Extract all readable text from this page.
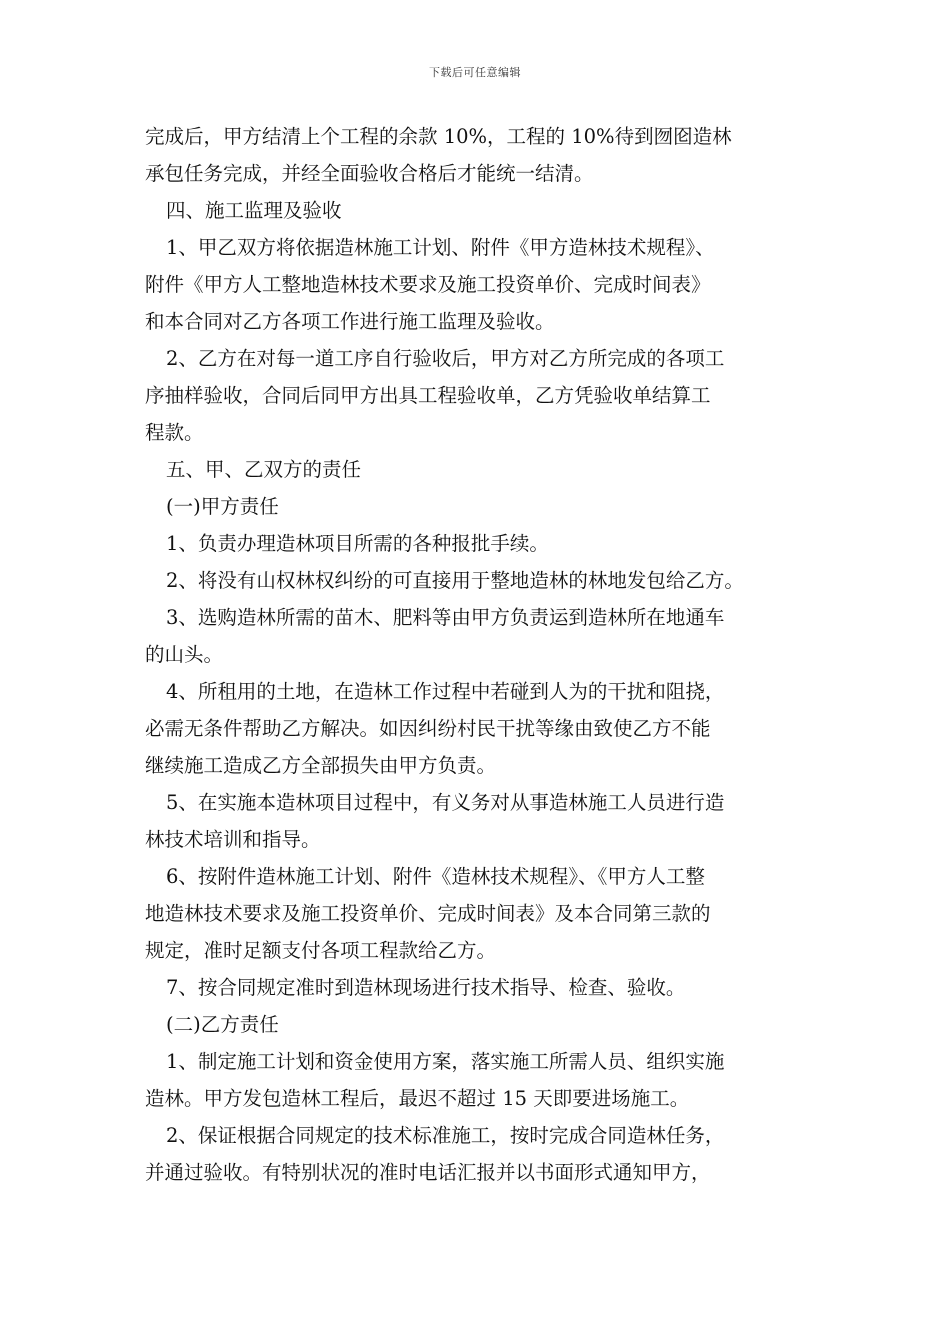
下载后可任意编辑
完成后，甲方结清上个工程的余款 10%，工程的 10%待到囫囵造林
承包任务完成，并经全面验收合格后才能统一结清。
四、施工监理及验收
1、甲乙双方将依据造林施工计划、附件《甲方造林技术规程》、
附件《甲方人工整地造林技术要求及施工投资单价、完成时间表》
和本合同对乙方各项工作进行施工监理及验收。
2、乙方在对每一道工序自行验收后，甲方对乙方所完成的各项工
序抽样验收，合同后同甲方出具工程验收单，乙方凭验收单结算工
程款。
五、甲、乙双方的责任
(一)甲方责任
1、负责办理造林项目所需的各种报批手续。
2、将没有山权林权纠纷的可直接用于整地造林的林地发包给乙方。
3、选购造林所需的苗木、肥料等由甲方负责运到造林所在地通车
的山头。
4、所租用的土地，在造林工作过程中若碰到人为的干扰和阻挠，
必需无条件帮助乙方解决。如因纠纷村民干扰等缘由致使乙方不能
继续施工造成乙方全部损失由甲方负责。
5、在实施本造林项目过程中，有义务对从事造林施工人员进行造
林技术培训和指导。
6、按附件造林施工计划、附件《造林技术规程》、《甲方人工整
地造林技术要求及施工投资单价、完成时间表》及本合同第三款的
规定，准时足额支付各项工程款给乙方。
7、按合同规定准时到造林现场进行技术指导、检查、验收。
(二)乙方责任
1、制定施工计划和资金使用方案，落实施工所需人员、组织实施
造林。甲方发包造林工程后，最迟不超过 15 天即要进场施工。
2、保证根据合同规定的技术标准施工，按时完成合同造林任务，
并通过验收。有特别状况的准时电话汇报并以书面形式通知甲方，
